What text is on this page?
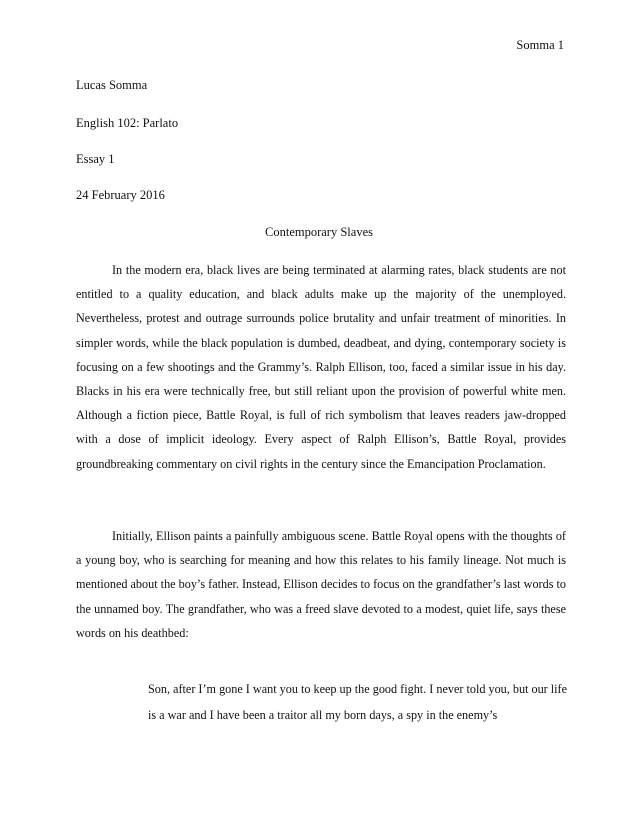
Somma 1
Lucas Somma
English 102: Parlato
Essay 1
24 February 2016
Contemporary Slaves

In the modern era, black lives are being terminated at alarming rates, black students are not entitled to a quality education, and black adults make up the majority of the unemployed. Nevertheless, protest and outrage surrounds police brutality and unfair treatment of minorities. In simpler words, while the black population is dumbed, deadbeat, and dying, contemporary society is focusing on a few shootings and the Grammy’s. Ralph Ellison, too, faced a similar issue in his day. Blacks in his era were technically free, but still reliant upon the provision of powerful white men. Although a fiction piece, Battle Royal, is full of rich symbolism that leaves readers jaw-dropped with a dose of implicit ideology. Every aspect of Ralph Ellison’s, Battle Royal, provides groundbreaking commentary on civil rights in the century since the Emancipation Proclamation.

Initially, Ellison paints a painfully ambiguous scene. Battle Royal opens with the thoughts of a young boy, who is searching for meaning and how this relates to his family lineage. Not much is mentioned about the boy’s father. Instead, Ellison decides to focus on the grandfather’s last words to the unnamed boy. The grandfather, who was a freed slave devoted to a modest, quiet life, says these words on his deathbed:

Son, after I’m gone I want you to keep up the good fight. I never told you, but our life is a war and I have been a traitor all my born days, a spy in the enemy’s
